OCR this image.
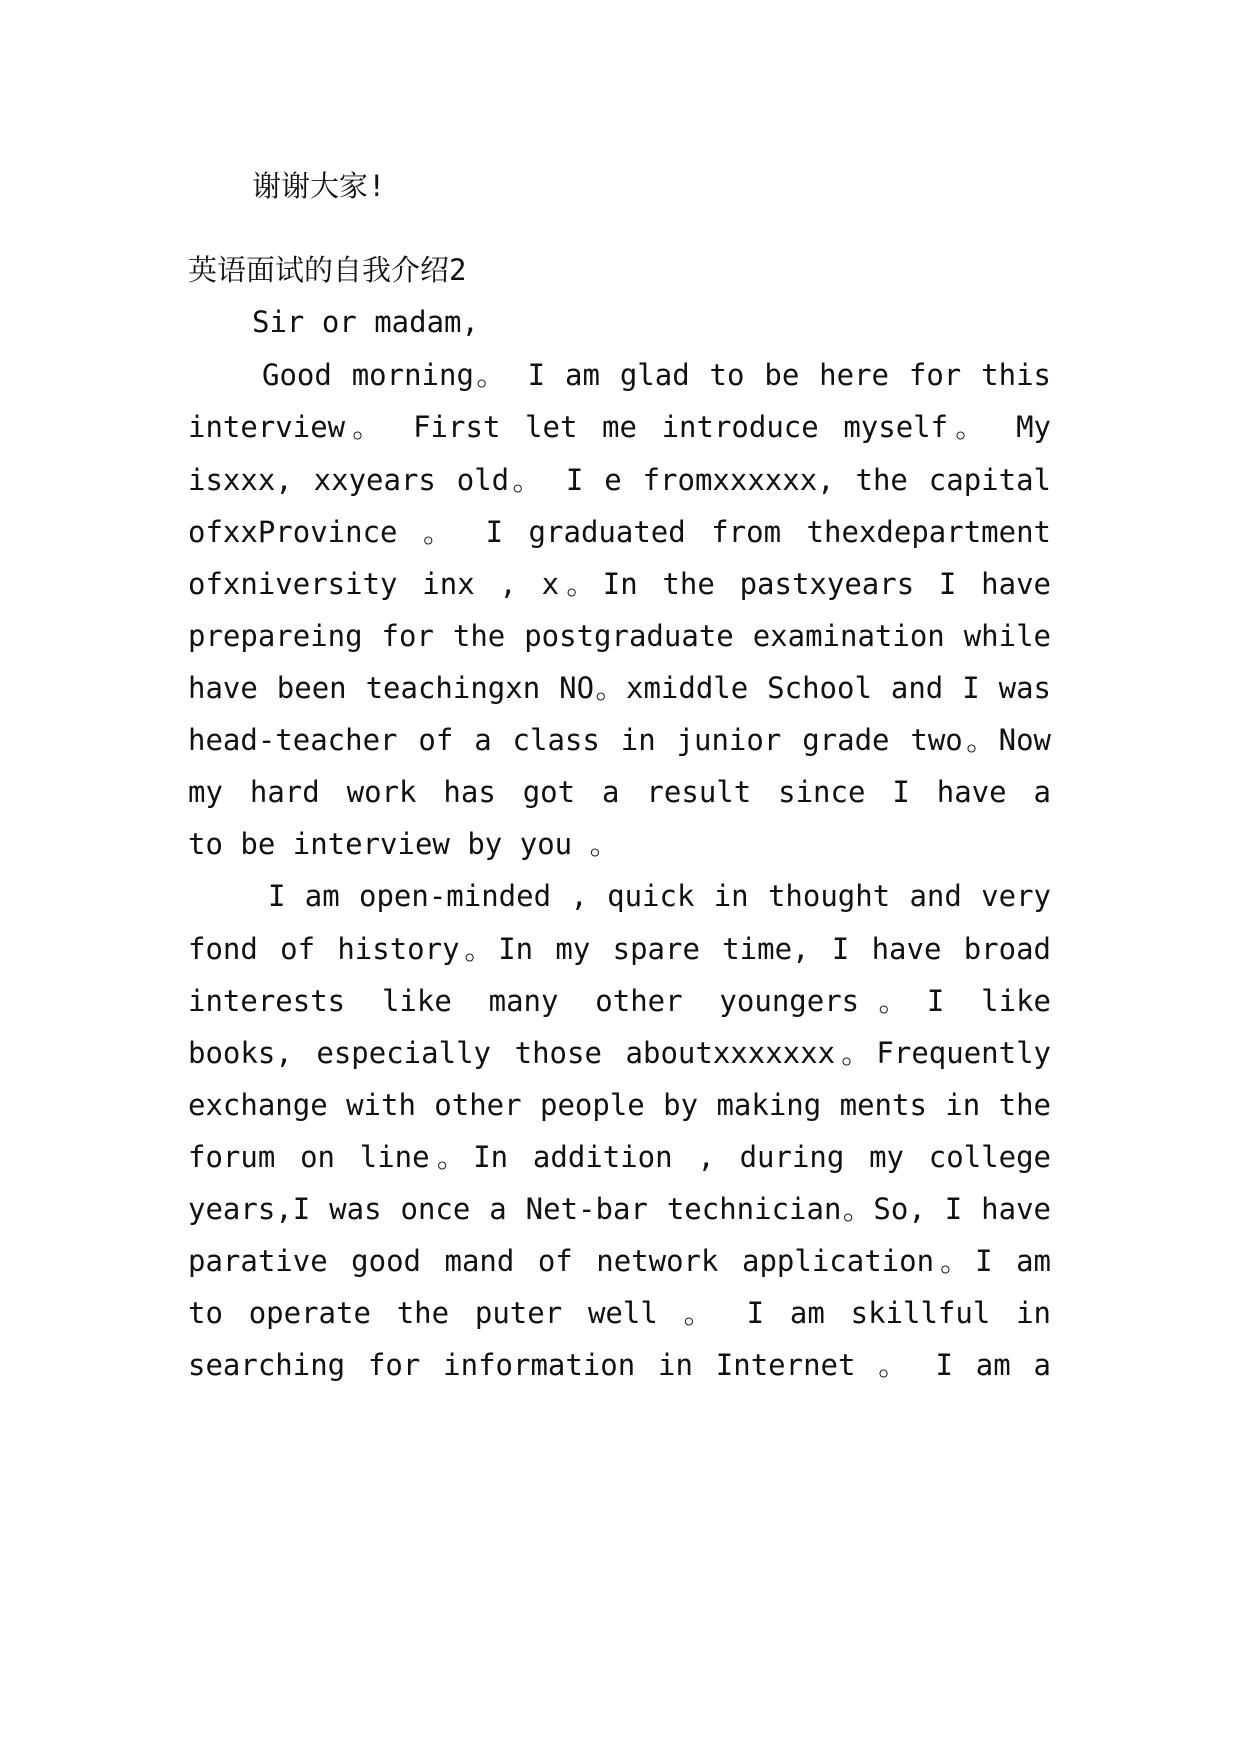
谢谢大家!
英语面试的自我介绍2
Sir or madam,
Good morning。 I am glad to be here for this
interview。 First let me introduce myself。 My
isxxx, xxyears old。 I e fromxxxxxx, the capital
ofxxProvince 。 I graduated from thexdepartment
ofxniversity inx , x。In the pastxyears I have
prepareing for the postgraduate examination while
have been teachingxn NO。xmiddle School and I was
head-teacher of a class in junior grade two。Now
my hard work has got a result since I have a
to be interview by you 。
I am open-minded , quick in thought and very
fond of history。In my spare time, I have broad
interests like many other youngers。I like
books, especially those aboutxxxxxxx。Frequently
exchange with other people by making ments in the
forum on line。In addition , during my college
years,I was once a Net-bar technician。So, I have
parative good mand of network application。I am
to operate the puter well 。 I am skillful in
searching for information in Internet 。 I am a
